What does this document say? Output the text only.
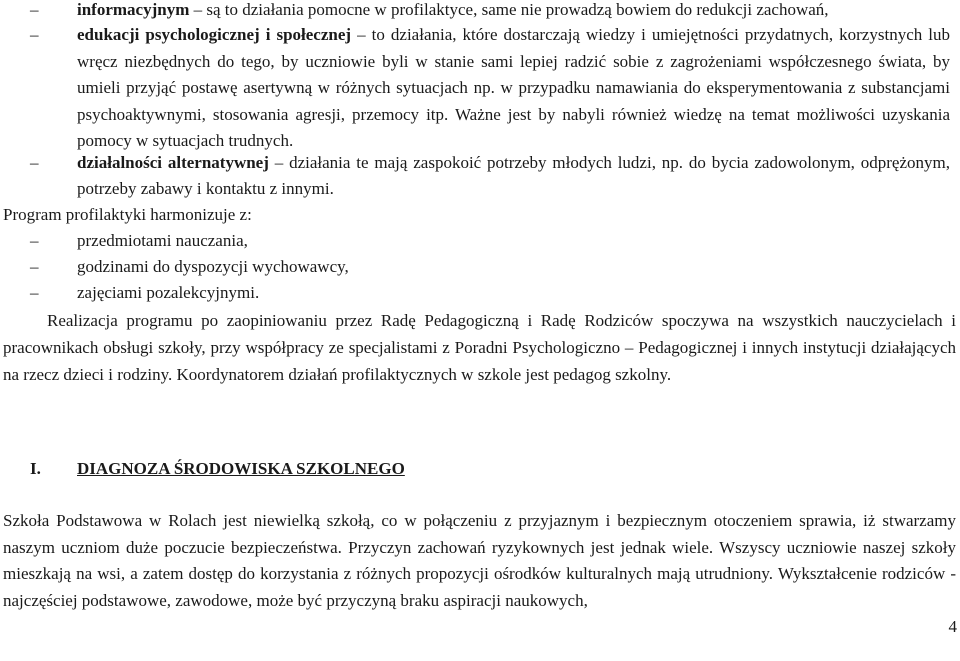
–	informacyjnym – są to działania pomocne w profilaktyce, same nie prowadzą bowiem do redukcji zachowań,
–	edukacji psychologicznej i społecznej – to działania, które dostarczają wiedzy i umiejętności przydatnych, korzystnych lub wręcz niezbędnych do tego, by uczniowie byli w stanie sami lepiej radzić sobie z zagrożeniami współczesnego świata, by umieli przyjąć postawę asertywną w różnych sytuacjach np. w przypadku namawiania do eksperymentowania z substancjami psychoaktywnymi, stosowania agresji, przemocy itp. Ważne jest by nabyli również wiedzę na temat możliwości uzyskania pomocy w sytuacjach trudnych.
–	działalności alternatywnej – działania te mają zaspokoić potrzeby młodych ludzi, np. do bycia zadowolonym, odprężonym, potrzeby zabawy i kontaktu z innymi.
Program profilaktyki harmonizuje z:
–	przedmiotami nauczania,
–	godzinami do dyspozycji wychowawcy,
–	zajęciami pozalekcyjnymi.
Realizacja programu po zaopiniowaniu przez Radę Pedagogiczną i Radę Rodziców spoczywa na wszystkich nauczycielach i pracownikach obsługi szkoły, przy współpracy ze specjalistami z Poradni Psychologiczno – Pedagogicznej i innych instytucji działających na rzecz dzieci i rodziny. Koordynatorem działań profilaktycznych w szkole jest pedagog szkolny.
I. DIAGNOZA ŚRODOWISKA SZKOLNEGO
Szkoła Podstawowa w Rolach jest niewielką szkołą, co w połączeniu z przyjaznym i bezpiecznym otoczeniem sprawia, iż stwarzamy naszym uczniom duże poczucie bezpieczeństwa. Przyczyn zachowań ryzykownych jest jednak wiele. Wszyscy uczniowie naszej szkoły mieszkają na wsi, a zatem dostęp do korzystania z różnych propozycji ośrodków kulturalnych mają utrudniony. Wykształcenie rodziców - najczęściej podstawowe, zawodowe, może być przyczyną braku aspiracji naukowych,
4
